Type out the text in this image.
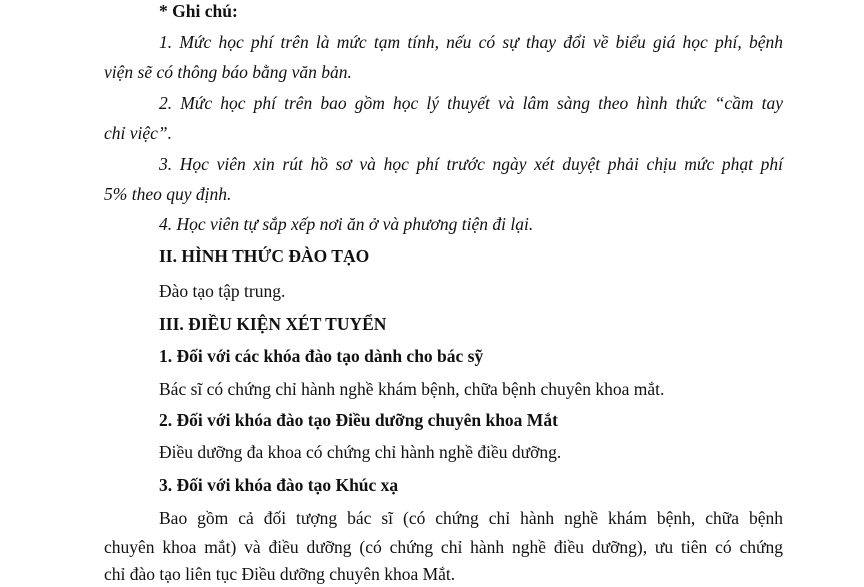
* Ghi chú:
1. Mức học phí trên là mức tạm tính, nếu có sự thay đổi về biểu giá học phí, bệnh
viện sẽ có thông báo bằng văn bản.
2. Mức học phí trên bao gồm học lý thuyết và lâm sàng theo hình thức “cầm tay
chỉ việc”.
3. Học viên xin rút hồ sơ và học phí trước ngày xét duyệt phải chịu mức phạt phí
5% theo quy định.
4. Học viên tự sắp xếp nơi ăn ở và phương tiện đi lại.
II. HÌNH THỨC ĐÀO TẠO
Đào tạo tập trung.
III. ĐIỀU KIỆN XÉT TUYỂN
1. Đối với các khóa đào tạo dành cho bác sỹ
Bác sĩ có chứng chỉ hành nghề khám bệnh, chữa bệnh chuyên khoa mắt.
2. Đối với khóa đào tạo Điều dưỡng chuyên khoa Mắt
Điều dưỡng đa khoa có chứng chỉ hành nghề điều dưỡng.
3. Đối với khóa đào tạo Khúc xạ
Bao gồm cả đối tượng bác sĩ (có chứng chỉ hành nghề khám bệnh, chữa bệnh
chuyên khoa mắt) và điều dưỡng (có chứng chỉ hành nghề điều dưỡng), ưu tiên có chứng
chỉ đào tạo liên tục Điều dưỡng chuyên khoa Mắt.
